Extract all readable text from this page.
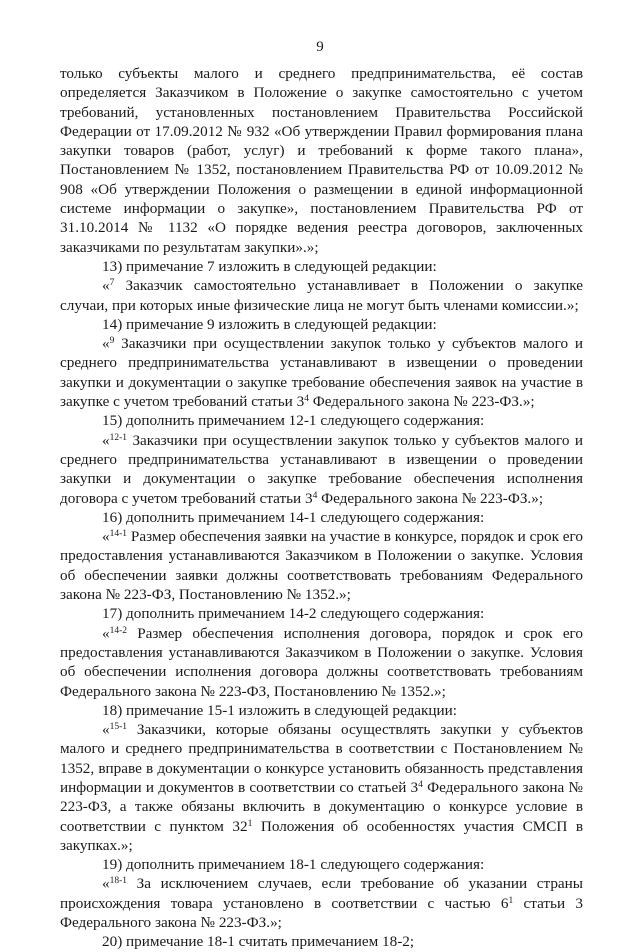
9

только субъекты малого и среднего предпринимательства, её состав определяется Заказчиком в Положение о закупке самостоятельно с учетом требований, установленных постановлением Правительства Российской Федерации от 17.09.2012 № 932 «Об утверждении Правил формирования плана закупки товаров (работ, услуг) и требований к форме такого плана», Постановлением № 1352, постановлением Правительства РФ от 10.09.2012 № 908 «Об утверждении Положения о размещении в единой информационной системе информации о закупке», постановлением Правительства РФ от 31.10.2014 № 1132 «О порядке ведения реестра договоров, заключенных заказчиками по результатам закупки».»;

13) примечание 7 изложить в следующей редакции:

«$^7$ Заказчик самостоятельно устанавливает в Положении о закупке случаи, при которых иные физические лица не могут быть членами комиссии.»;

14) примечание 9 изложить в следующей редакции:

«$^9$ Заказчики при осуществлении закупок только у субъектов малого и среднего предпринимательства устанавливают в извещении о проведении закупки и документации о закупке требование обеспечения заявок на участие в закупке с учетом требований статьи $3^4$ Федерального закона № 223-ФЗ.»;

15) дополнить примечанием 12-1 следующего содержания:

«$^{12-1}$ Заказчики при осуществлении закупок только у субъектов малого и среднего предпринимательства устанавливают в извещении о проведении закупки и документации о закупке требование обеспечения исполнения договора с учетом требований статьи $3^4$ Федерального закона № 223-ФЗ.»;

16) дополнить примечанием 14-1 следующего содержания:

«$^{14-1}$ Размер обеспечения заявки на участие в конкурсе, порядок и срок его предоставления устанавливаются Заказчиком в Положении о закупке. Условия об обеспечении заявки должны соответствовать требованиям Федерального закона № 223-ФЗ, Постановлению № 1352.»;

17) дополнить примечанием 14-2 следующего содержания:

«$^{14-2}$ Размер обеспечения исполнения договора, порядок и срок его предоставления устанавливаются Заказчиком в Положении о закупке. Условия об обеспечении исполнения договора должны соответствовать требованиям Федерального закона № 223-ФЗ, Постановлению № 1352.»;

18) примечание 15-1 изложить в следующей редакции:

«$^{15-1}$ Заказчики, которые обязаны осуществлять закупки у субъектов малого и среднего предпринимательства в соответствии с Постановлением № 1352, вправе в документации о конкурсе установить обязанность представления информации и документов в соответствии со статьей $3^4$ Федерального закона № 223-ФЗ, а также обязаны включить в документацию о конкурсе условие в соответствии с пунктом $32^1$ Положения об особенностях участия СМСП в закупках.»;

19) дополнить примечанием 18-1 следующего содержания:

«$^{18-1}$ За исключением случаев, если требование об указании страны происхождения товара установлено в соответствии с частью $6^1$ статьи 3 Федерального закона № 223-ФЗ.»;

20) примечание 18-1 считать примечанием 18-2;
